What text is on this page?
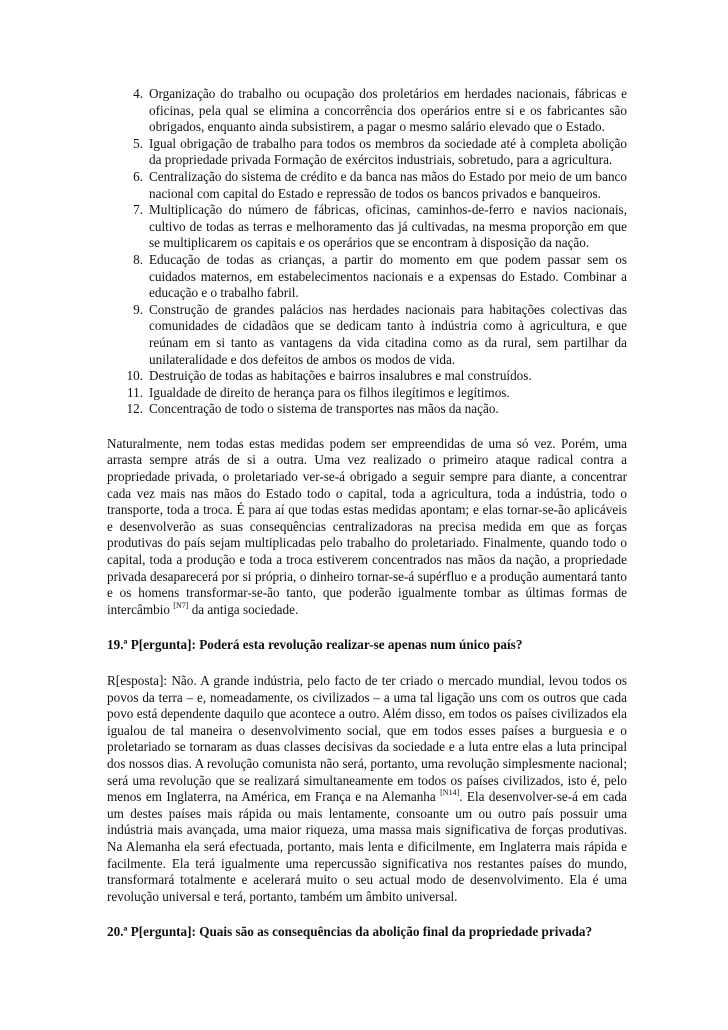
4. Organização do trabalho ou ocupação dos proletários em herdades nacionais, fábricas e oficinas, pela qual se elimina a concorrência dos operários entre si e os fabricantes são obrigados, enquanto ainda subsistirem, a pagar o mesmo salário elevado que o Estado.
5. Igual obrigação de trabalho para todos os membros da sociedade até à completa abolição da propriedade privada Formação de exércitos industriais, sobretudo, para a agricultura.
6. Centralização do sistema de crédito e da banca nas mãos do Estado por meio de um banco nacional com capital do Estado e repressão de todos os bancos privados e banqueiros.
7. Multiplicação do número de fábricas, oficinas, caminhos-de-ferro e navios nacionais, cultivo de todas as terras e melhoramento das já cultivadas, na mesma proporção em que se multiplicarem os capitais e os operários que se encontram à disposição da nação.
8. Educação de todas as crianças, a partir do momento em que podem passar sem os cuidados maternos, em estabelecimentos nacionais e a expensas do Estado. Combinar a educação e o trabalho fabril.
9. Construção de grandes palácios nas herdades nacionais para habitações colectivas das comunidades de cidadãos que se dedicam tanto à indústria como à agricultura, e que reúnam em si tanto as vantagens da vida citadina como as da rural, sem partilhar da unilateralidade e dos defeitos de ambos os modos de vida.
10. Destruição de todas as habitações e bairros insalubres e mal construídos.
11. Igualdade de direito de herança para os filhos ilegítimos e legítimos.
12. Concentração de todo o sistema de transportes nas mãos da nação.

Naturalmente, nem todas estas medidas podem ser empreendidas de uma só vez. Porém, uma arrasta sempre atrás de si a outra. Uma vez realizado o primeiro ataque radical contra a propriedade privada, o proletariado ver-se-á obrigado a seguir sempre para diante, a concentrar cada vez mais nas mãos do Estado todo o capital, toda a agricultura, toda a indústria, todo o transporte, toda a troca. É para aí que todas estas medidas apontam; e elas tornar-se-ão aplicáveis e desenvolverão as suas consequências centralizadoras na precisa medida em que as forças produtivas do país sejam multiplicadas pelo trabalho do proletariado. Finalmente, quando todo o capital, toda a produção e toda a troca estiverem concentrados nas mãos da nação, a propriedade privada desaparecerá por si própria, o dinheiro tornar-se-á supérfluo e a produção aumentará tanto e os homens transformar-se-ão tanto, que poderão igualmente tombar as últimas formas de intercâmbio [N7] da antiga sociedade.

19.ª P[ergunta]: Poderá esta revolução realizar-se apenas num único país?

R[esposta]: Não. A grande indústria, pelo facto de ter criado o mercado mundial, levou todos os povos da terra – e, nomeadamente, os civilizados – a uma tal ligação uns com os outros que cada povo está dependente daquilo que acontece a outro. Além disso, em todos os países civilizados ela igualou de tal maneira o desenvolvimento social, que em todos esses países a burguesia e o proletariado se tornaram as duas classes decisivas da sociedade e a luta entre elas a luta principal dos nossos dias. A revolução comunista não será, portanto, uma revolução simplesmente nacional; será uma revolução que se realizará simultaneamente em todos os países civilizados, isto é, pelo menos em Inglaterra, na América, em França e na Alemanha [N14]. Ela desenvolver-se-á em cada um destes países mais rápida ou mais lentamente, consoante um ou outro país possuir uma indústria mais avançada, uma maior riqueza, uma massa mais significativa de forças produtivas. Na Alemanha ela será efectuada, portanto, mais lenta e dificilmente, em Inglaterra mais rápida e facilmente. Ela terá igualmente uma repercussão significativa nos restantes países do mundo, transformará totalmente e acelerará muito o seu actual modo de desenvolvimento. Ela é uma revolução universal e terá, portanto, também um âmbito universal.

20.ª P[ergunta]: Quais são as consequências da abolição final da propriedade privada?
